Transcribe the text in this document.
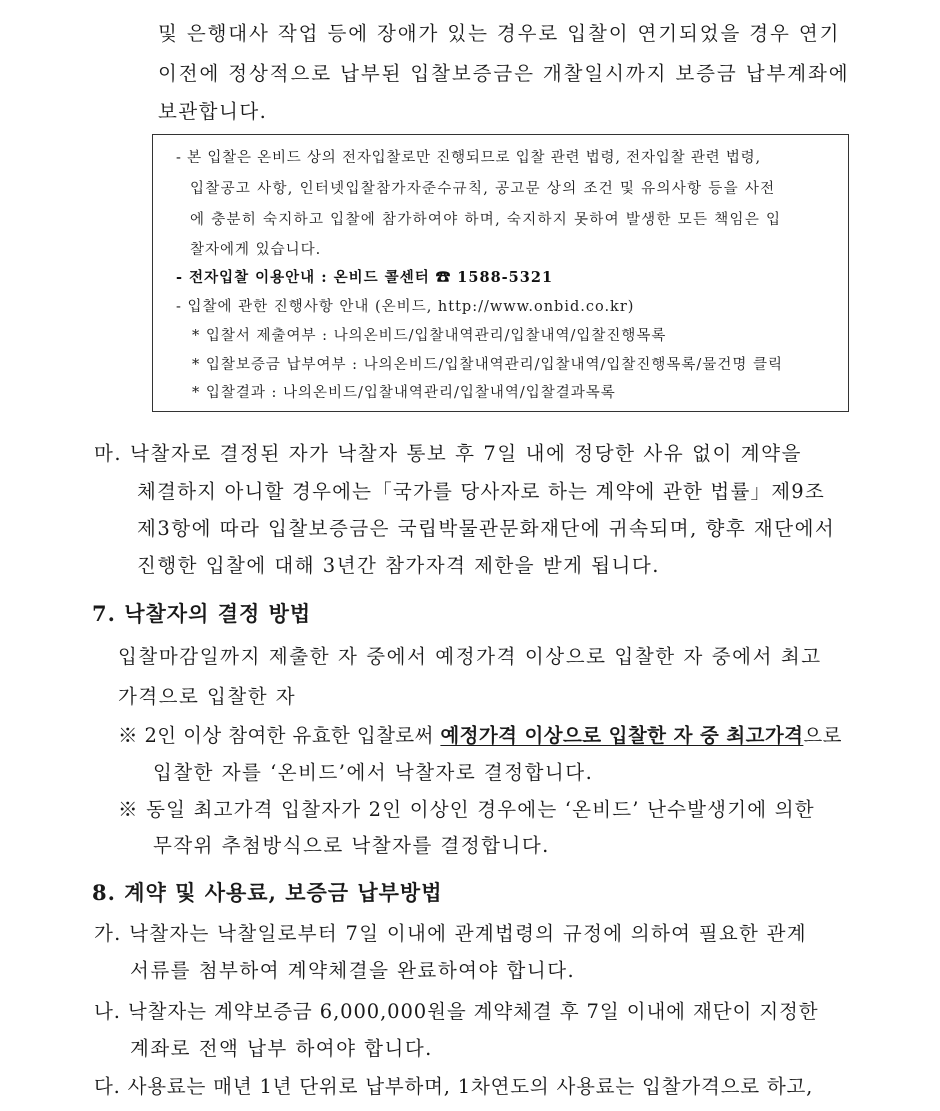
및 은행대사 작업 등에 장애가 있는 경우로 입찰이 연기되었을 경우 연기
이전에 정상적으로 납부된 입찰보증금은 개찰일시까지 보증금 납부계좌에
보관합니다.
- 본 입찰은 온비드 상의 전자입찰로만 진행되므로 입찰 관련 법령, 전자입찰 관련 법령,
입찰공고 사항, 인터넷입찰참가자준수규칙, 공고문 상의 조건 및 유의사항 등을 사전
에 충분히 숙지하고 입찰에 참가하여야 하며, 숙지하지 못하여 발생한 모든 책임은 입
찰자에게 있습니다.
- 전자입찰 이용안내 : 온비드 콜센터 ☎ 1588-5321
- 입찰에 관한 진행사항 안내 (온비드, http://www.onbid.co.kr)
* 입찰서 제출여부 : 나의온비드/입찰내역관리/입찰내역/입찰진행목록
* 입찰보증금 납부여부 : 나의온비드/입찰내역관리/입찰내역/입찰진행목록/물건명 클릭
* 입찰결과 : 나의온비드/입찰내역관리/입찰내역/입찰결과목록
마. 낙찰자로 결정된 자가 낙찰자 통보 후 7일 내에 정당한 사유 없이 계약을
체결하지 아니할 경우에는「국가를 당사자로 하는 계약에 관한 법률」제9조
제3항에 따라 입찰보증금은 국립박물관문화재단에 귀속되며, 향후 재단에서
진행한 입찰에 대해 3년간 참가자격 제한을 받게 됩니다.
7. 낙찰자의 결정 방법
입찰마감일까지 제출한 자 중에서 예정가격 이상으로 입찰한 자 중에서 최고
가격으로 입찰한 자
※ 2인 이상 참여한 유효한 입찰로써 예정가격 이상으로 입찰한 자 중 최고가격으로
입찰한 자를 ‘온비드’에서 낙찰자로 결정합니다.
※ 동일 최고가격 입찰자가 2인 이상인 경우에는 ‘온비드’ 난수발생기에 의한
무작위 추첨방식으로 낙찰자를 결정합니다.
8. 계약 및 사용료, 보증금 납부방법
가. 낙찰자는 낙찰일로부터 7일 이내에 관계법령의 규정에 의하여 필요한 관계
서류를 첨부하여 계약체결을 완료하여야 합니다.
나. 낙찰자는 계약보증금 6,000,000원을 계약체결 후 7일 이내에 재단이 지정한
계좌로 전액 납부 하여야 합니다.
다. 사용료는 매년 1년 단위로 납부하며, 1차연도의 사용료는 입찰가격으로 하고,
